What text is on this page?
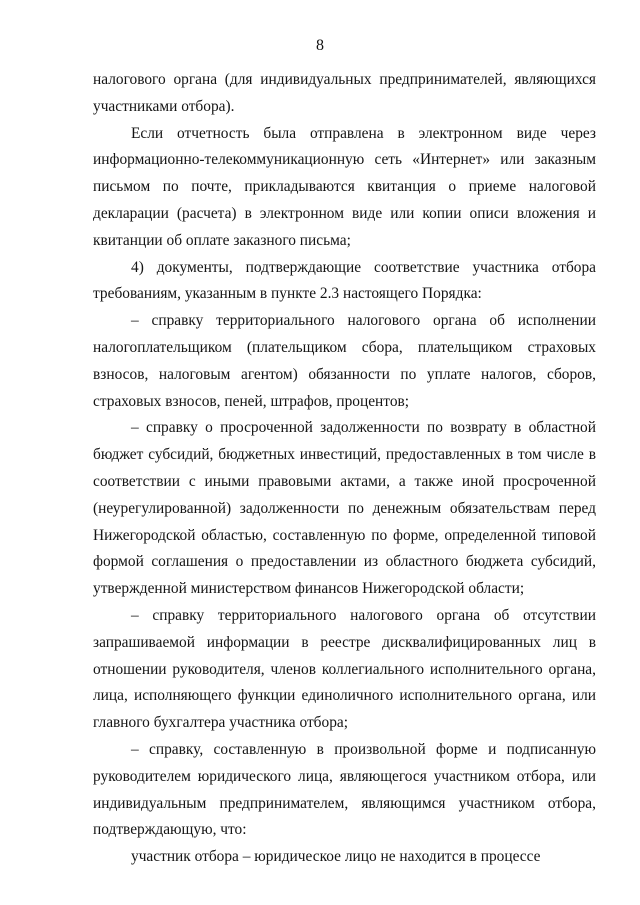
8

налогового органа (для индивидуальных предпринимателей, являющихся участниками отбора).

Если отчетность была отправлена в электронном виде через информационно-телекоммуникационную сеть «Интернет» или заказным письмом по почте, прикладываются квитанция о приеме налоговой декларации (расчета) в электронном виде или копии описи вложения и квитанции об оплате заказного письма;

4) документы, подтверждающие соответствие участника отбора требованиям, указанным в пункте 2.3 настоящего Порядка:

– справку территориального налогового органа об исполнении налогоплательщиком (плательщиком сбора, плательщиком страховых взносов, налоговым агентом) обязанности по уплате налогов, сборов, страховых взносов, пеней, штрафов, процентов;

– справку о просроченной задолженности по возврату в областной бюджет субсидий, бюджетных инвестиций, предоставленных в том числе в соответствии с иными правовыми актами, а также иной просроченной (неурегулированной) задолженности по денежным обязательствам перед Нижегородской областью, составленную по форме, определенной типовой формой соглашения о предоставлении из областного бюджета субсидий, утвержденной министерством финансов Нижегородской области;

– справку территориального налогового органа об отсутствии запрашиваемой информации в реестре дисквалифицированных лиц в отношении руководителя, членов коллегиального исполнительного органа, лица, исполняющего функции единоличного исполнительного органа, или главного бухгалтера участника отбора;

– справку, составленную в произвольной форме и подписанную руководителем юридического лица, являющегося участником отбора, или индивидуальным предпринимателем, являющимся участником отбора, подтверждающую, что:

участник отбора – юридическое лицо не находится в процессе
